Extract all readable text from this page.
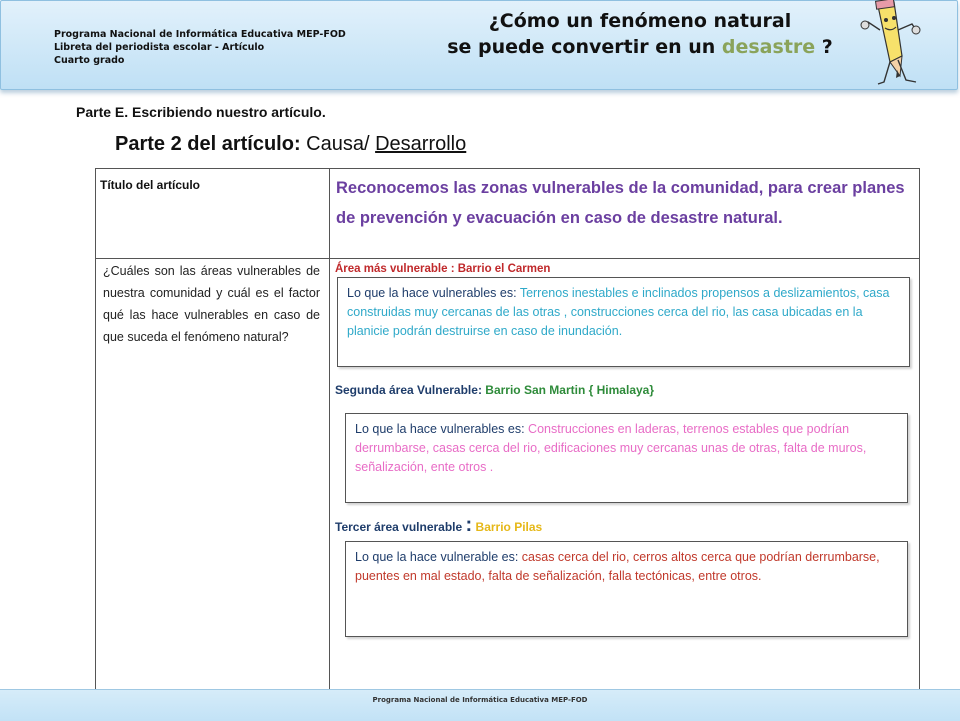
Programa Nacional de Informática Educativa MEP-FOD
Libreta del periodista escolar - Artículo
Cuarto grado
¿Cómo un fenómeno natural
se puede convertir en un desastre ?
Parte E. Escribiendo nuestro artículo.
Parte 2 del artículo: Causa/ Desarrollo
Título del artículo	Reconocemos las zonas vulnerables de la comunidad, para crear planes de prevención y evacuación en caso de desastre natural.
¿Cuáles son las áreas vulnerables de nuestra comunidad y cuál es el factor qué las hace vulnerables en caso de que suceda el fenómeno natural?
Área más vulnerable : Barrio el Carmen
Lo que la hace vulnerables es: Terrenos inestables e inclinados propensos a deslizamientos, casa construidas muy cercanas de las otras , construcciones cerca del rio, las casa ubicadas en la planicie podrán destruirse en caso de inundación.
Segunda área Vulnerable: Barrio San Martin { Himalaya}
Lo que la hace vulnerables es: Construcciones en laderas, terrenos estables que podrían derrumbarse, casas cerca del rio, edificaciones muy cercanas unas de otras, falta de muros, señalización, ente otros .
Tercer área vulnerable : Barrio Pilas
Lo que la hace vulnerable es: casas cerca del rio, cerros altos cerca que podrían derrumbarse, puentes en mal estado, falta de señalización, falla tectónicas, entre otros.
Programa Nacional de Informática Educativa MEP-FOD
